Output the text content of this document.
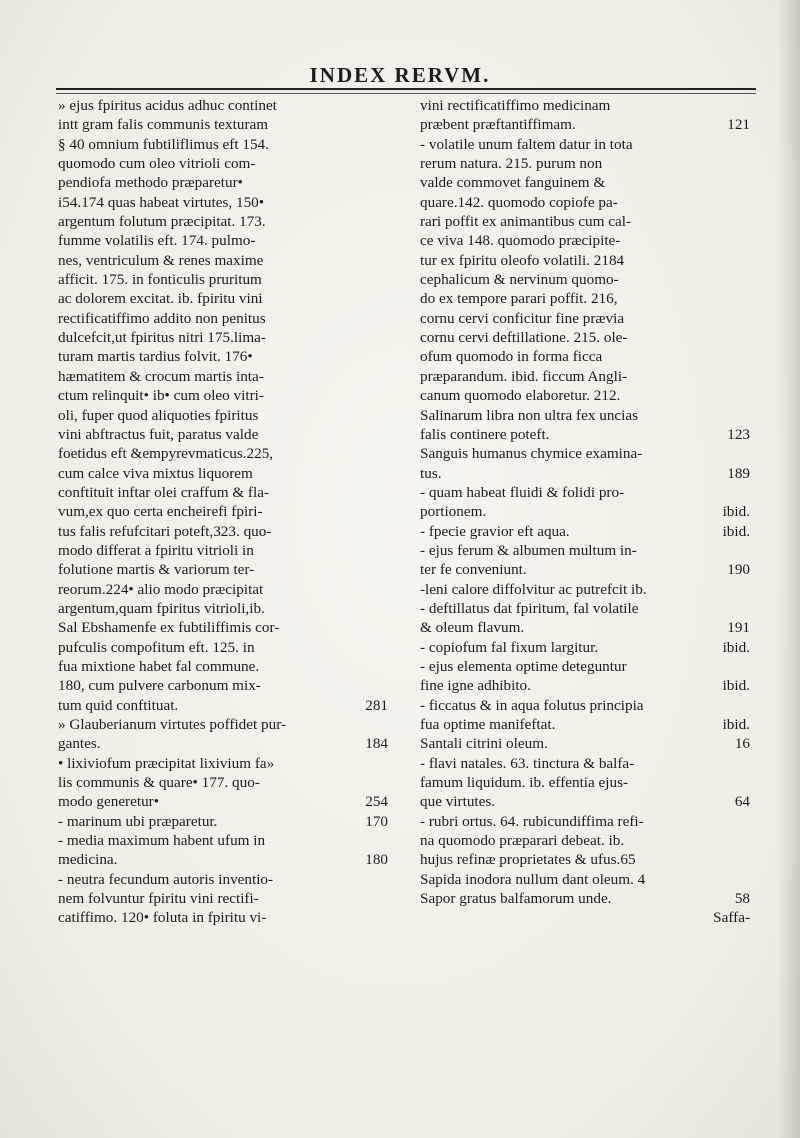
INDEX RERVM.
» ejus fpiritus acidus adhuc continet
intt gram falis communis texturam
§ 40 omnium fubtiliflimus eft 154.
quomodo cum oleo vitrioli com-
pendiofa methodo præparetur•
i54.174 quas habeat virtutes, 150•
argentum folutum præcipitat. 173.
fumme volatilis eft. 174. pulmo-
nes, ventriculum & renes maxime
afficit. 175. in fonticulis pruritum
ac dolorem excitat. ib. fpiritu vini
rectificatiffimo addito non penitus
dulcefcit,ut fpiritus nitri 175.lima-
turam martis tardius folvit. 176•
hæmatitem & crocum martis inta-
ctum relinquit• ib• cum oleo vitri-
oli, fuper quod aliquoties fpiritus
vini abftractus fuit, paratus valde
foetidus eft &empyrevmaticus.225,
cum calce viva mixtus liquorem
conftituit inftar olei craffum & fla-
vum,ex quo certa encheirefi fpiri-
tus falis refufcitari poteft,323. quo-
modo differat a fpiritu vitrioli in
folutione martis & variorum ter-
reorum.224• alio modo præcipitat
argentum,quam fpiritus vitrioli,ib.
Sal Ebshamenfe ex fubtiliffimis cor-
pufculis compofitum eft. 125. in
fua mixtione habet fal commune.
180, cum pulvere carbonum mix-
tum quid conftituat.	281
» Glauberianum virtutes poffidet pur-
gantes.	184
• lixiviofum præcipitat lixivium fa»
lis communis & quare• 177. quo-
modo generetur•	254
- marinum ubi præparetur.	170
- media maximum habent ufum in
medicina.	180
- neutra fecundum autoris inventio-
nem folvuntur fpiritu vini rectifi-
catiffimo. 120• foluta in fpiritu vi-
vini rectificatiffimo medicinam
præbent præftantiffimam.	121
- volatile unum faltem datur in tota
rerum natura. 215. purum non
valde commovet fanguinem &
quare.142. quomodo copiofe pa-
rari poffit ex animantibus cum cal-
ce viva 148. quomodo præcipite-
tur ex fpiritu oleofo volatili. 2184
cephalicum & nervinum quomo-
do ex tempore parari poffit. 216,
cornu cervi conficitur fine prævia
cornu cervi deftillatione. 215. ole-
ofum quomodo in forma ficca
præparandum. ibid. ficcum Angli-
canum quomodo elaboretur. 212.
Salinarum libra non ultra fex uncias
falis continere poteft.	123
Sanguis humanus chymice examina-
tus.	189
- quam habeat fluidi & folidi pro-
portionem.	ibid.
- fpecie gravior eft aqua.	ibid.
- ejus ferum & albumen multum in-
ter fe conveniunt.	190
-leni calore diffolvitur ac putrefcit ib.
- deftillatus dat fpiritum, fal volatile
& oleum flavum.	191
- copiofum fal fixum largitur.	ibid.
- ejus elementa optime deteguntur
fine igne adhibito.	ibid.
- ficcatus & in aqua folutus principia
fua optime manifeftat.	ibid.
Santali citrini oleum.	16
- flavi natales. 63. tinctura & balfa-
famum liquidum. ib. effentia ejus-
que virtutes.	64
- rubri ortus. 64. rubicundiffima refi-
na quomodo præparari debeat. ib.
hujus refinæ proprietates & ufus.65
Sapida inodora nullum dant oleum. 4
Sapor gratus balfamorum unde.	58
Saffa-
